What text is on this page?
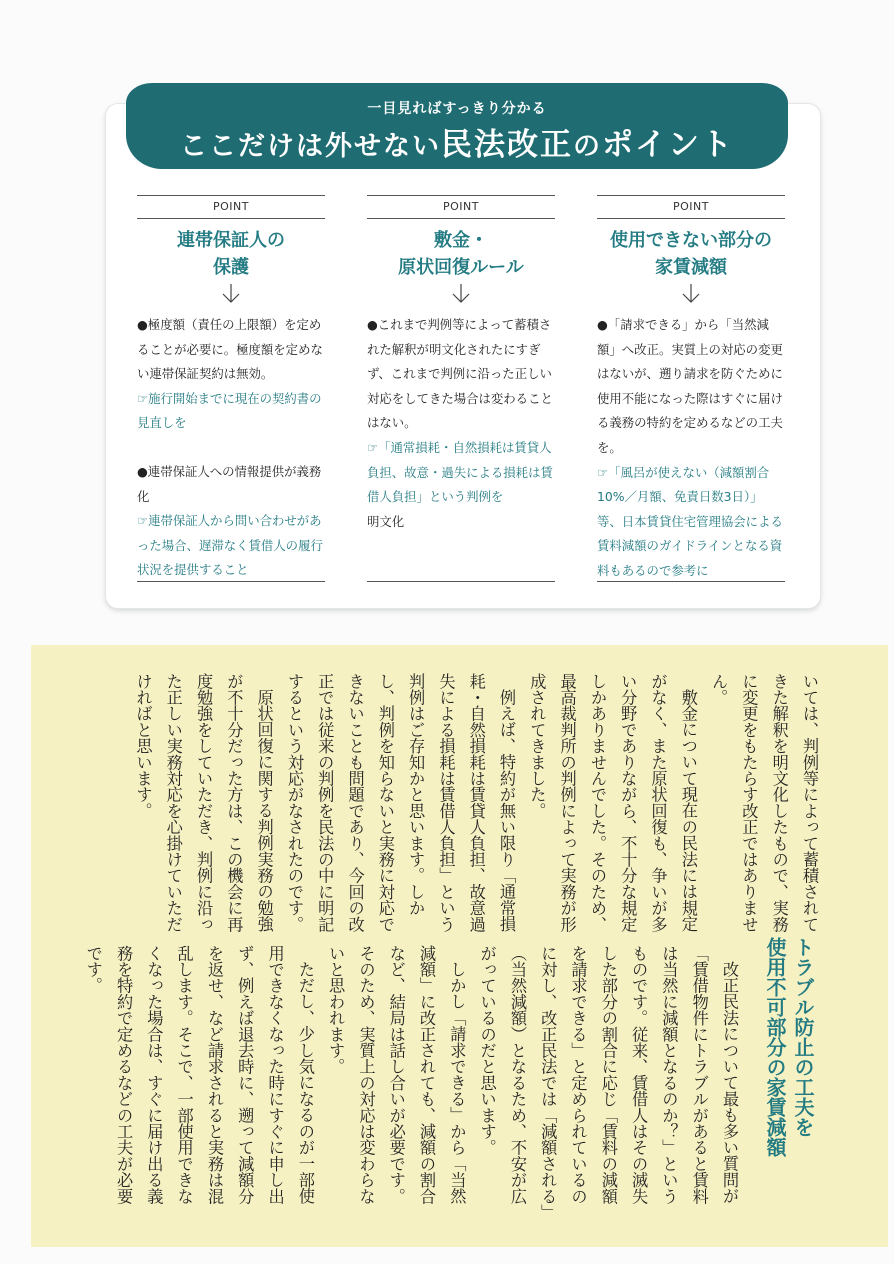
一目見ればすっきり分かる
ここだけは外せない民法改正のポイント
POINT
連帯保証人の
保護

●極度額（責任の上限額）を定めることが必要に。極度額を定めない連帯保証契約は無効。

☞施行開始までに現在の契約書の見直しを

●連帯保証人への情報提供が義務化

☞連帯保証人から問い合わせがあった場合、遅滞なく賃借人の履行状況を提供すること

POINT
敷金・
原状回復ルール

●これまで判例等によって蓄積された解釈が明文化されたにすぎず、これまで判例に沿った正しい対応をしてきた場合は変わることはない。

☞「通常損耗・自然損耗は賃貸人負担、故意・過失による損耗は賃借人負担」という判例を

明文化

POINT
使用できない部分の
家賃減額

●「請求できる」から「当然減額」へ改正。実質上の対応の変更はないが、遡り請求を防ぐために使用不能になった際はすぐに届ける義務の特約を定めるなどの工夫を。

☞「風呂が使えない（減額割合10%／月額、免責日数3日）」

等、日本賃貸住宅管理協会による賃料減額のガイドラインとなる資料もあるので参考に

いては、判例等によって蓄積されてきた解釈を明文化したもので、実務に変更をもたらす改正ではありません。

敷金について現在の民法には規定がなく、また原状回復も、争いが多い分野でありながら、不十分な規定しかありませんでした。そのため、最高裁判所の判例によって実務が形成されてきました。

例えば、特約が無い限り「通常損耗・自然損耗は賃貸人負担、故意過失による損耗は賃借人負担」という判例はご存知かと思います。しかし、判例を知らないと実務に対応できないことも問題であり、今回の改正では従来の判例を民法の中に明記するという対応がなされたのです。

原状回復に関する判例実務の勉強が不十分だった方は、この機会に再度勉強をしていただき、判例に沿った正しい実務対応を心掛けていただければと思います。

トラブル防止の工夫を
使用不可部分の家賃減額

改正民法について最も多い質問が「賃借物件にトラブルがあると賃料は当然に減額となるのか？」というものです。従来、賃借人はその滅失した部分の割合に応じ「賃料の減額を請求できる」と定められているのに対し、改正民法では「減額される」（当然減額）となるため、不安が広がっているのだと思います。

しかし「請求できる」から「当然減額」に改正されても、減額の割合など、結局は話し合いが必要です。そのため、実質上の対応は変わらないと思われます。

ただし、少し気になるのが一部使用できなくなった時にすぐに申し出ず、例えば退去時に、遡って減額分を返せ、など請求されると実務は混乱します。そこで、一部使用できなくなった場合は、すぐに届け出る義務を特約で定めるなどの工夫が必要です。
